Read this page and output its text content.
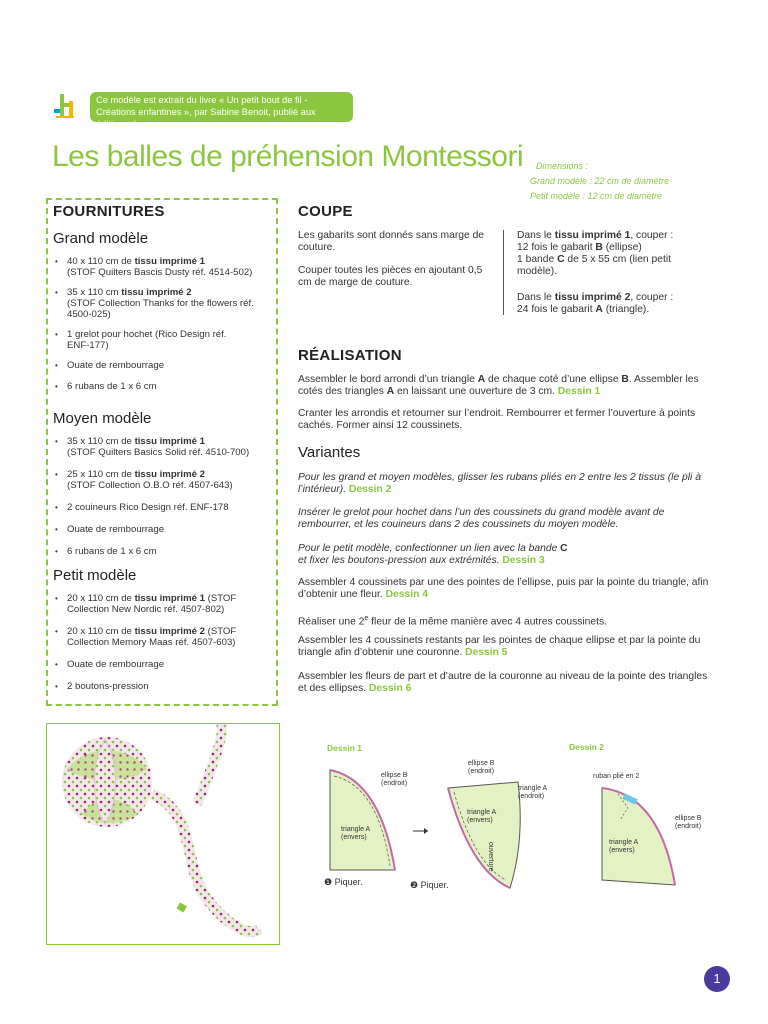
Ce modèle est extrait du livre « Un petit bout de fil - Créations enfantines », par Sabine Benoit, publié aux éditions de saxe.
Les balles de préhension Montessori Dimensions :
Grand modèle : 22 cm de diamètre
Petit modèle : 12 cm de diamètre
FOURNITURES
Grand modèle
• 40 x 110 cm de tissu imprimé 1
(STOF Quilters Bascis Dusty réf. 4514-502)
• 35 x 110 cm tissu imprimé 2
(STOF Collection Thanks for the flowers réf. 4500-025)
• 1 grelot pour hochet (Rico Design réf. ENF-177)
• Ouate de rembourrage
• 6 rubans de 1 x 6 cm
Moyen modèle
• 35 x 110 cm de tissu imprimé 1
(STOF Quilters Basics Solid réf. 4510-700)
• 25 x 110 cm de tissu imprimé 2
(STOF Collection O.B.O réf. 4507-643)
• 2 couineurs Rico Design réf. ENF-178
• Ouate de rembourrage
• 6 rubans de 1 x 6 cm
Petit modèle
• 20 x 110 cm de tissu imprimé 1 (STOF Collection New Nordic réf. 4507-802)
• 20 x 110 cm de tissu imprimé 2 (STOF Collection Memory Maas réf. 4507-603)
• Ouate de rembourrage
• 2 boutons-pression
COUPE
Les gabarits sont donnés sans marge de couture.
Couper toutes les pièces en ajoutant 0,5 cm de marge de couture.
Dans le tissu imprimé 1, couper :
12 fois le gabarit B (ellipse)
1 bande C de 5 x 55 cm (lien petit modèle).
Dans le tissu imprimé 2, couper :
24 fois le gabarit A (triangle).
RÉALISATION
Assembler le bord arrondi d’un triangle A de chaque coté d’une ellipse B. Assembler les cotés des triangles A en laissant une ouverture de 3 cm. Dessin 1
Cranter les arrondis et retourner sur l’endroit. Rembourrer et fermer l’ouverture à points cachés. Former ainsi 12 coussinets.
Variantes
Pour les grand et moyen modèles, glisser les rubans pliés en 2 entre les 2 tissus (le pli à l’intérieur). Dessin 2
Insérer le grelot pour hochet dans l’un des coussinets du grand modèle avant de rembourrer, et les couineurs dans 2 des coussinets du moyen modèle.
Pour le petit modèle, confectionner un lien avec la bande C
et fixer les boutons-pression aux extrémités. Dessin 3
Assembler 4 coussinets par une des pointes de l’ellipse, puis par la pointe du triangle, afin d’obtenir une fleur. Dessin 4
Réaliser une 2e fleur de la même manière avec 4 autres coussinets.
Assembler les 4 coussinets restants par les pointes de chaque ellipse et par la pointe du triangle afin d’obtenir une couronne. Dessin 5
Assembler les fleurs de part et d’autre de la couronne au niveau de la pointe des triangles et des ellipses. Dessin 6
Dessin 1	Dessin 2
ellipse B
(endroit)
triangle A
(envers)
❶ Piquer.	❷ Piquer.
ellipse B
(endroit)
triangle A
(envers)
triangle A
(endroit)
ouverture
ruban plié en 2
ellipse B
(endroit)
triangle A
(envers)
1
